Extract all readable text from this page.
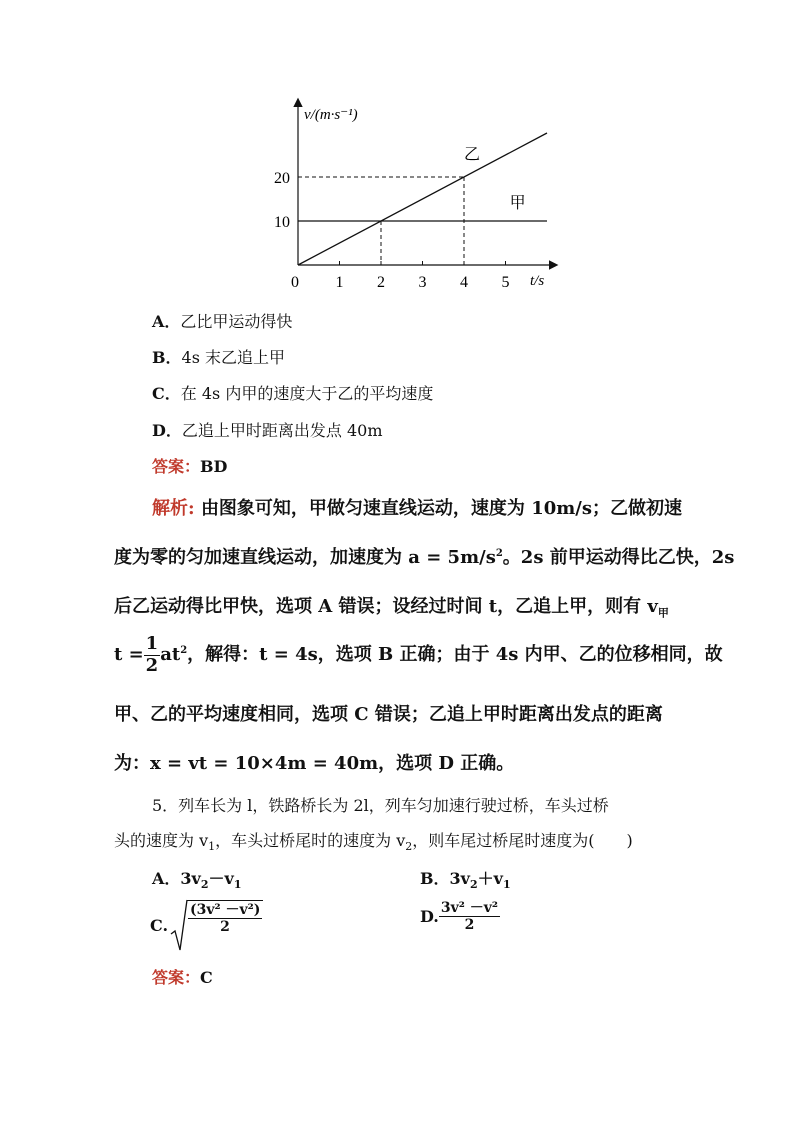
甲
乙
1 2 3 4 5
10
20
v/(m·s⁻¹)
t/s
0
A．乙比甲运动得快
B．4s 末乙追上甲
C．在 4s 内甲的速度大于乙的平均速度
D．乙追上甲时距离出发点 40m
答案：BD
解析: 由图象可知，甲做匀速直线运动，速度为 10m/s；乙做初速
度为零的匀加速直线运动，加速度为 $a = 5m/s^2$。2s 前甲运动得比乙快，2s
后乙运动得比甲快，选项 A 错误；设经过时间 t，乙追上甲，则有 $v_甲$
$t = \frac{1}{2} at^2$，解得：t = 4s，选项 B 正确；由于 4s 内甲、乙的位移相同，故
甲、乙的平均速度相同，选项 C 错误；乙追上甲时距离出发点的距离
为：x = vt = 10×4m = 40m，选项 D 正确。
5．列车长为 l，铁路桥长为 2l，列车匀加速行驶过桥，车头过桥
头的速度为 $v_1$，车头过桥尾时的速度为 $v_2$，则车尾过桥尾时速度为(　　)
A．$3v_2-v_1$	B．$3v_2+v_1$
C. $\frac{\text{(3v² －v²)}}{2}$	D. $\frac{\text{3v² －v²}}{2}$
答案：C
